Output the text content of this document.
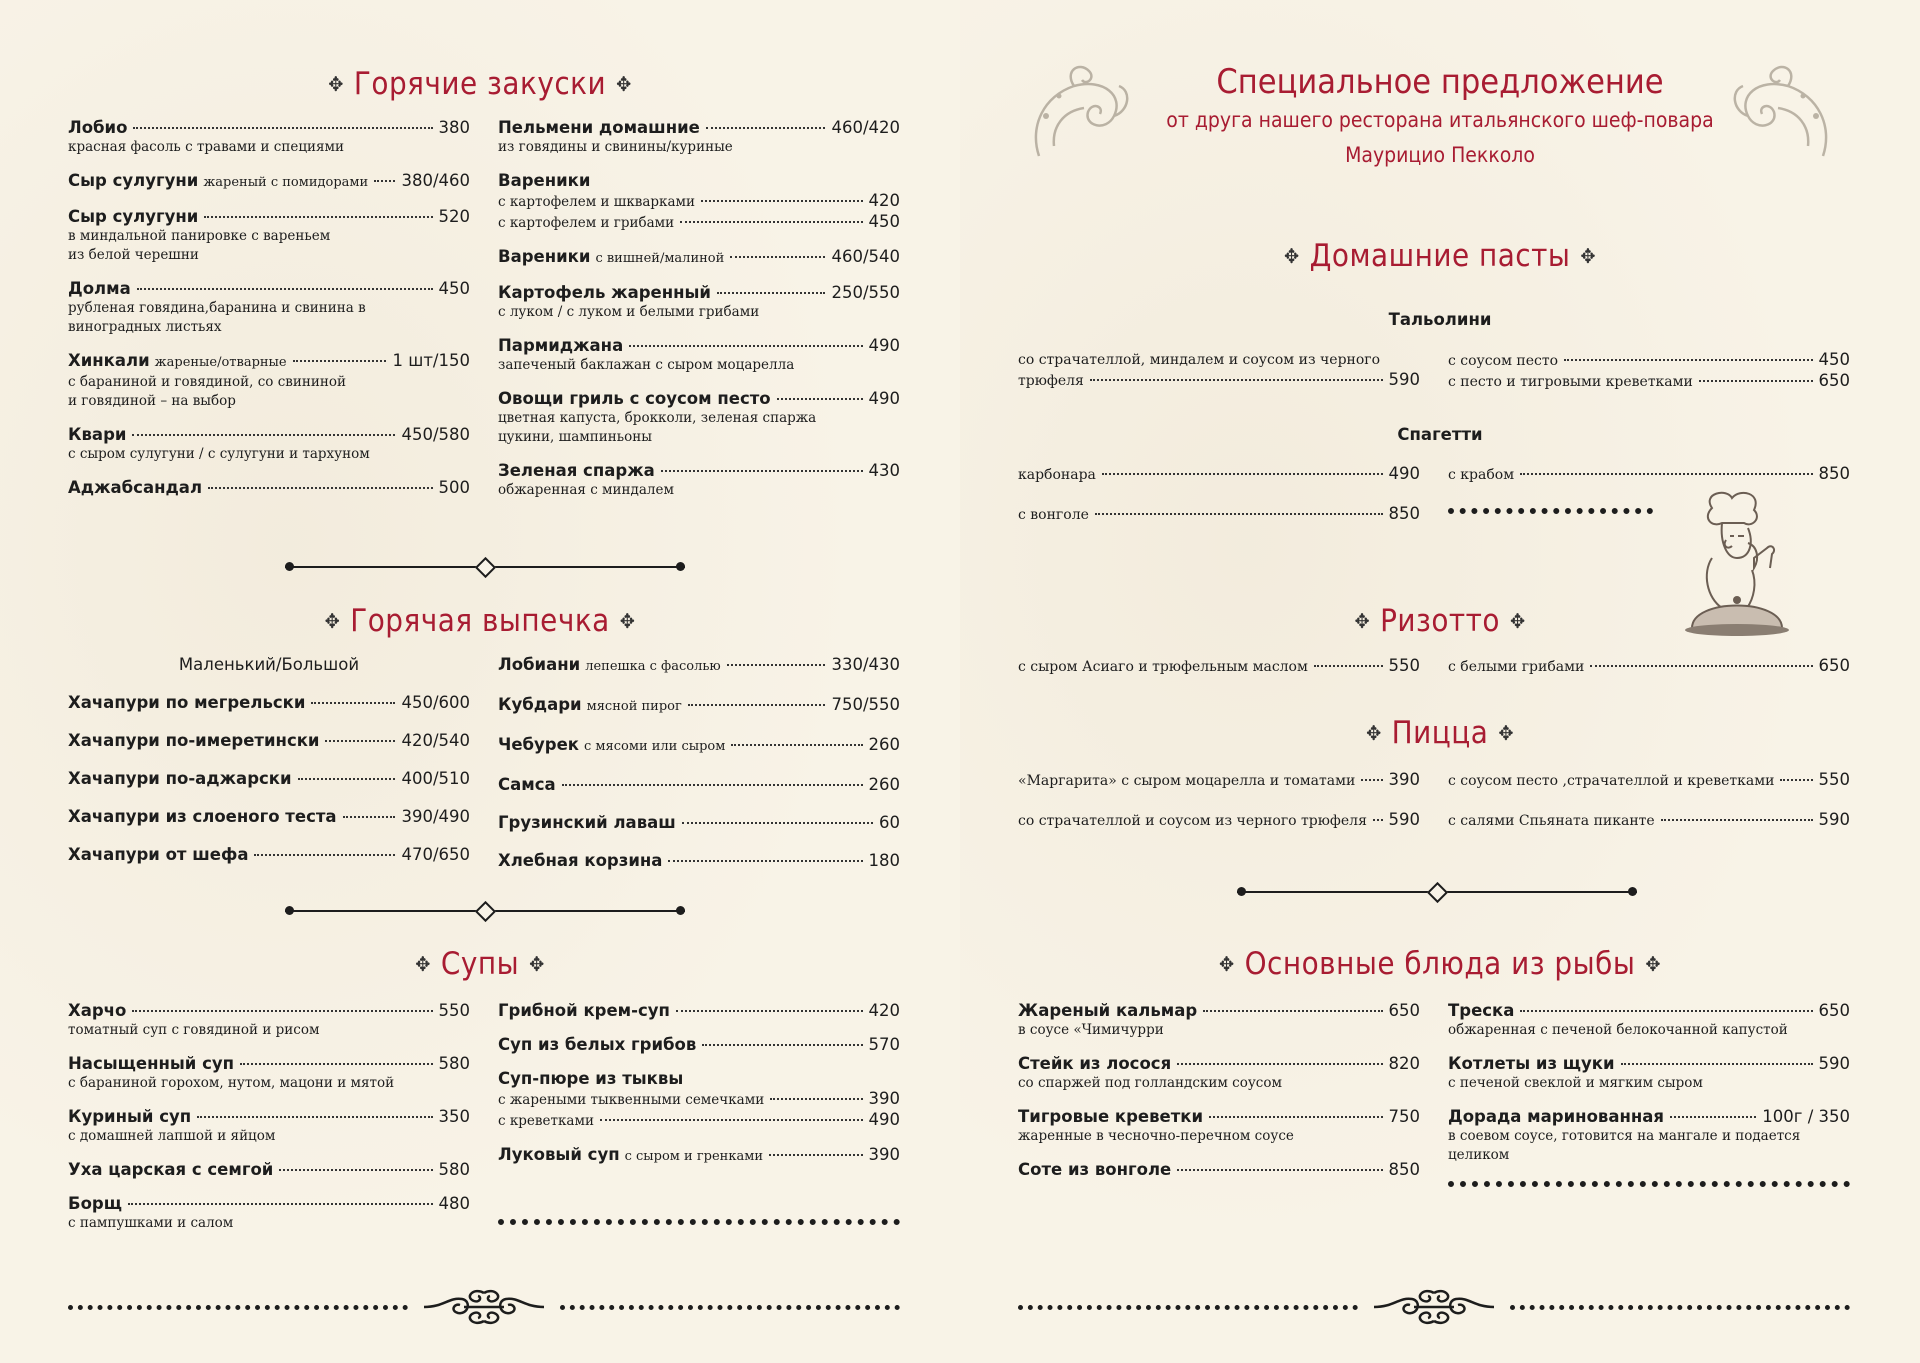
✥ Горячие закуски ✥
Лобио	380
красная фасоль с травами и специями
Сыр сулугуни жареный с помидорами 380/460
Сыр сулугуни	520
в миндальной панировке с вареньем
из белой черешни
Долма	450
рубленая говядина,баранина и свинина в
виноградных листьях
Хинкали жареные/отварные	1 шт/150
с бараниной и говядиной, со свининой
и говядиной – на выбор
Квари	450/580
с сыром сулугуни / с сулугуни и тархуном
Аджабсандал	500
Пельмени домашние	460/420
из говядины и свинины/куриные
Вареники
с картофелем и шкварками	420
с картофелем и грибами	450
Вареники с вишней/малиной	460/540
Картофель жаренный	250/550
с луком / с луком и белыми грибами
Пармиджана	490
запеченый баклажан с сыром моцарелла
Овощи гриль с соусом песто	490
цветная капуста, брокколи, зеленая спаржа
цукини, шампиньоны
Зеленая спаржа	430
обжаренная с миндалем
✥ Горячая выпечка ✥
Маленький/Большой
Хачапури по мегрельски	450/600
Хачапури по-имеретински	420/540
Хачапури по-аджарски	400/510
Хачапури из слоеного теста	390/490
Хачапури от шефа	470/650
Лобиани лепешка с фасолью	330/430
Кубдари мясной пирог	750/550
Чебурек с мясоми или сыром	260
Самса	260
Грузинский лаваш	60
Хлебная корзина	180
✥ Супы ✥
Харчо	550
томатный суп с говядиной и рисом
Насыщенный суп	580
с бараниной горохом, нутом, мацони и мятой
Куриный суп	350
с домашней лапшой и яйцом
Уха царская с семгой	580
Борщ	480
с пампушками и салом
Грибной крем-суп	420
Суп из белых грибов	570
Суп-пюре из тыквы
с жареными тыквенными семечками	390
с креветками	490
Луковый суп с сыром и гренками	390
Специальное предложение
от друга нашего ресторана итальянского шеф-повара
Маурицио Пекколо
✥ Домашние пасты ✥
Тальолини
со страчателлой, миндалем и соусом из черного
трюфеля	590
с соусом песто	450
с песто и тигровыми креветками	650
Спагетти
карбонара	490
с вонголе	850
с крабом	850
✥ Ризотто ✥
с сыром Асиаго и трюфельным маслом	550 с белыми грибами	650
✥ Пицца ✥
«Маргарита» с сыром моцарелла и томатами 390
со страчателлой и соусом из черного трюфеля 590
с соусом песто ,страчателлой и креветками	550
с салями Спьяната пиканте	590
✥ Основные блюда из рыбы ✥
Жареный кальмар	650
в соусе «Чимичурри
Стейк из лосося	820
со спаржей под голландским соусом
Тигровые креветки	750
жаренные в чесночно-перечном соусе
Соте из вонголе	850
Треска	650
обжаренная с печеной белокочанной капустой
Котлеты из щуки	590
с печеной свеклой и мягким сыром
Дорада маринованная	100г / 350
в соевом соусе, готовится на мангале и подается
целиком
